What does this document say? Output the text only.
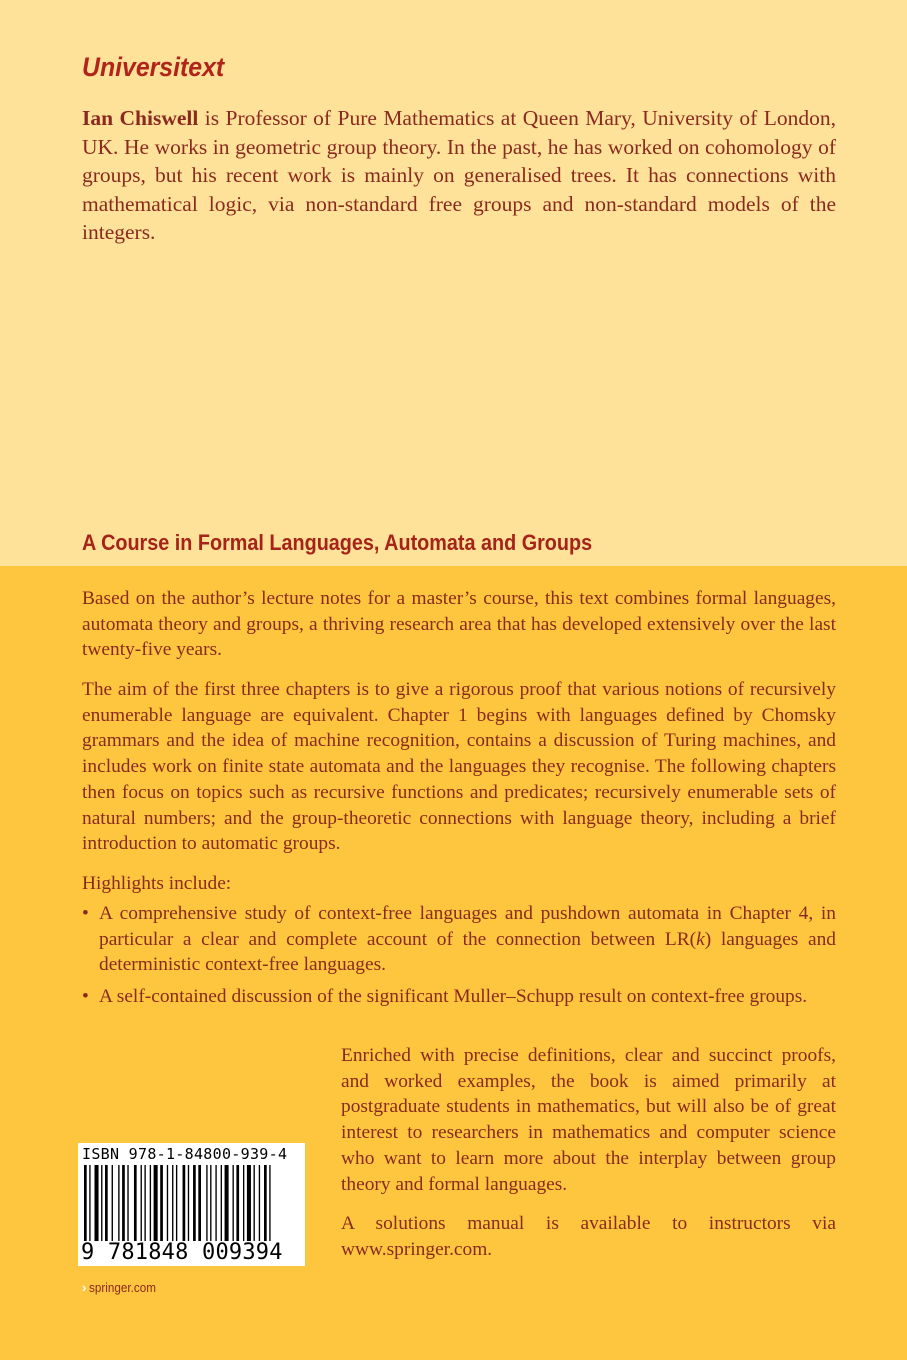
Universitext

Ian Chiswell is Professor of Pure Mathematics at Queen Mary, University of London, UK. He works in geometric group theory. In the past, he has worked on cohomology of groups, but his recent work is mainly on generalised trees. It has connections with mathematical logic, via non-standard free groups and non-standard models of the integers.

A Course in Formal Languages, Automata and Groups

Based on the author’s lecture notes for a master’s course, this text combines formal languages, automata theory and groups, a thriving research area that has developed extensively over the last twenty-five years.

The aim of the first three chapters is to give a rigorous proof that various notions of recursively enumerable language are equivalent. Chapter 1 begins with languages defined by Chomsky grammars and the idea of machine recognition, contains a discussion of Turing machines, and includes work on finite state automata and the languages they recognise. The following chapters then focus on topics such as recursive functions and predicates; recursively enumerable sets of natural numbers; and the group-theoretic connections with language theory, including a brief introduction to automatic groups.

Highlights include:

• A comprehensive study of context-free languages and pushdown automata in Chapter 4, in particular a clear and complete account of the connection between LR(k) languages and deterministic context-free languages.
• A self-contained discussion of the significant Muller–Schupp result on context-free groups.

Enriched with precise definitions, clear and succinct proofs, and worked examples, the book is aimed primarily at postgraduate students in mathematics, but will also be of great interest to researchers in mathematics and computer science who want to learn more about the interplay between group theory and formal languages.

A solutions manual is available to instructors via www.springer.com.

ISBN 978-1-84800-939-4
9 781848 009394

› springer.com
